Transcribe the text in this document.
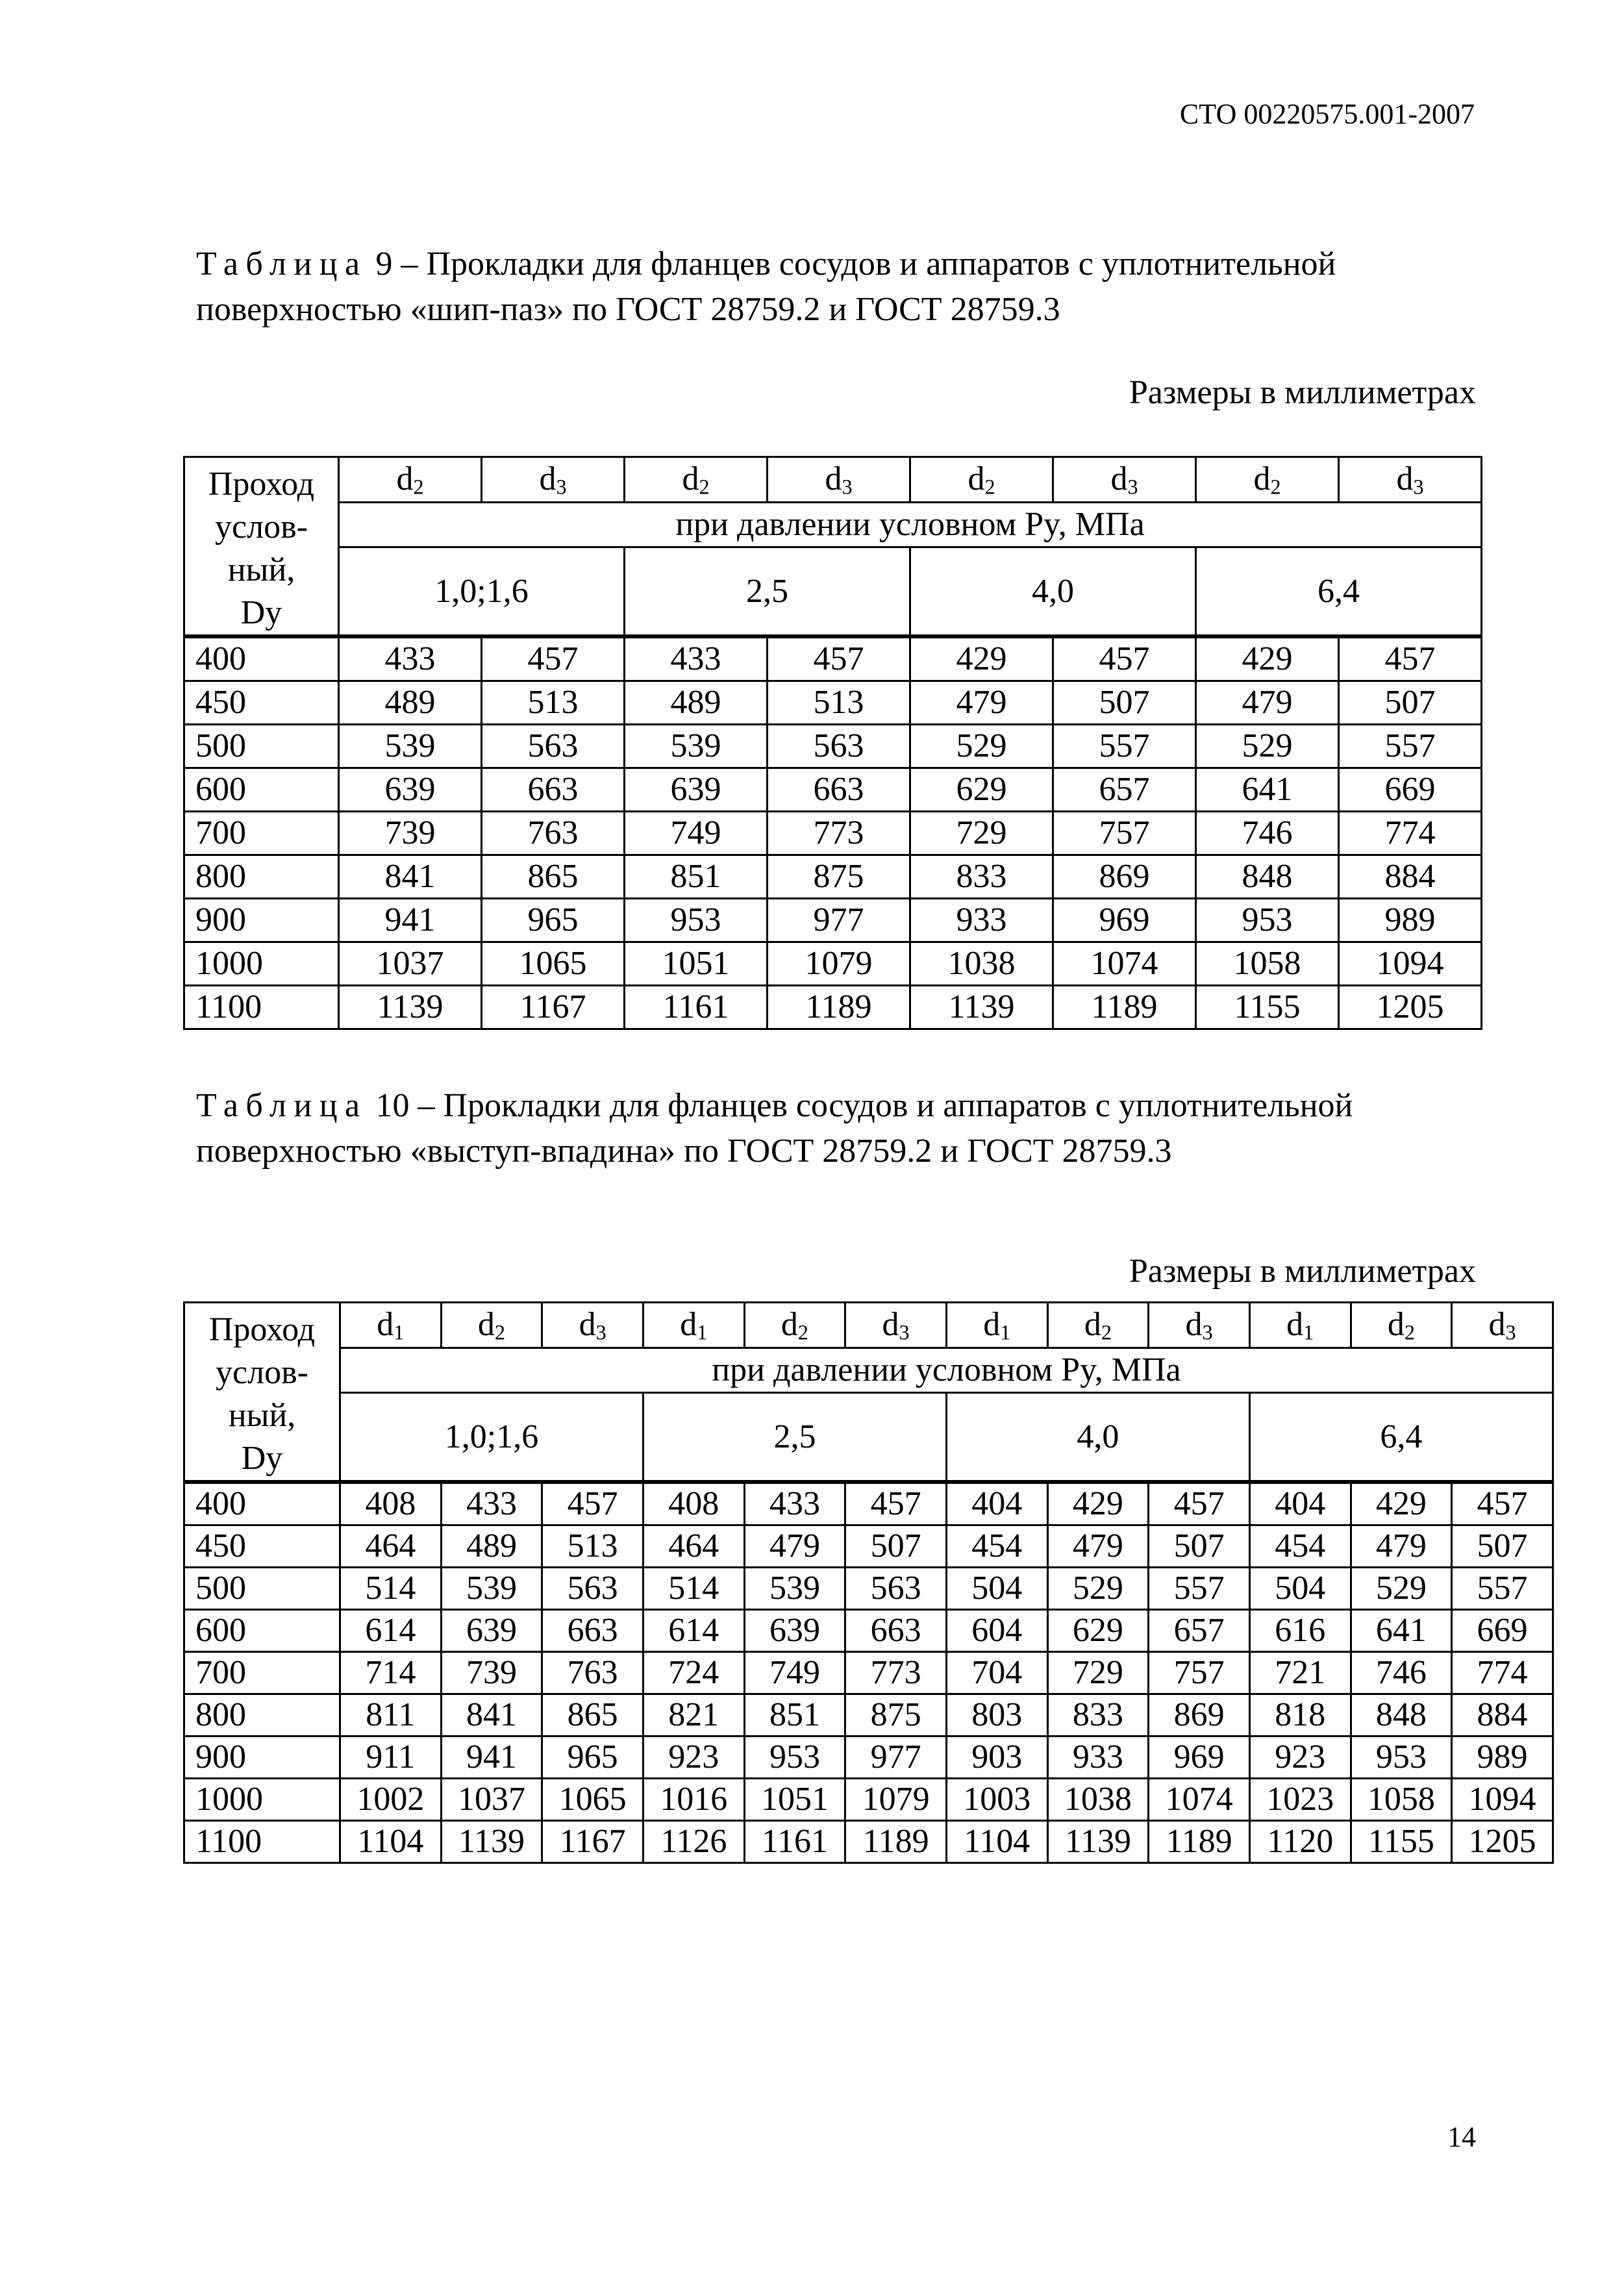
СТО 00220575.001-2007
Таблица 9 – Прокладки для фланцев сосудов и аппаратов с уплотнительной поверхностью «шип-паз» по ГОСТ 28759.2 и ГОСТ 28759.3
Размеры в миллиметрах
Проход
услов-
ный,
Dy	$d_2$	$d_3$	$d_2$	$d_3$	$d_2$	$d_3$	$d_2$	$d_3$
	при давлении условном Py, МПа							
	1,0;1,6		2,5		4,0		6,4	
400	433	457	433	457	429	457	429	457
450	489	513	489	513	479	507	479	507
500	539	563	539	563	529	557	529	557
600	639	663	639	663	629	657	641	669
700	739	763	749	773	729	757	746	774
800	841	865	851	875	833	869	848	884
900	941	965	953	977	933	969	953	989
1000	1037	1065	1051	1079	1038	1074	1058	1094
1100	1139	1167	1161	1189	1139	1189	1155	1205
Таблица 10 – Прокладки для фланцев сосудов и аппаратов с уплотнительной поверхностью «выступ-впадина» по ГОСТ 28759.2 и ГОСТ 28759.3
Размеры в миллиметрах
Проход
услов-
ный,
Dy	$d_1$	$d_2$	$d_3$	$d_1$	$d_2$	$d_3$	$d_1$	$d_2$	$d_3$	$d_1$	$d_2$	$d_3$
	при давлении условном Py, МПа											
	1,0;1,6			2,5			4,0			6,4		
400	408	433	457	408	433	457	404	429	457	404	429	457
450	464	489	513	464	479	507	454	479	507	454	479	507
500	514	539	563	514	539	563	504	529	557	504	529	557
600	614	639	663	614	639	663	604	629	657	616	641	669
700	714	739	763	724	749	773	704	729	757	721	746	774
800	811	841	865	821	851	875	803	833	869	818	848	884
900	911	941	965	923	953	977	903	933	969	923	953	989
1000	1002	1037	1065	1016	1051	1079	1003	1038	1074	1023	1058	1094
1100	1104	1139	1167	1126	1161	1189	1104	1139	1189	1120	1155	1205
14
